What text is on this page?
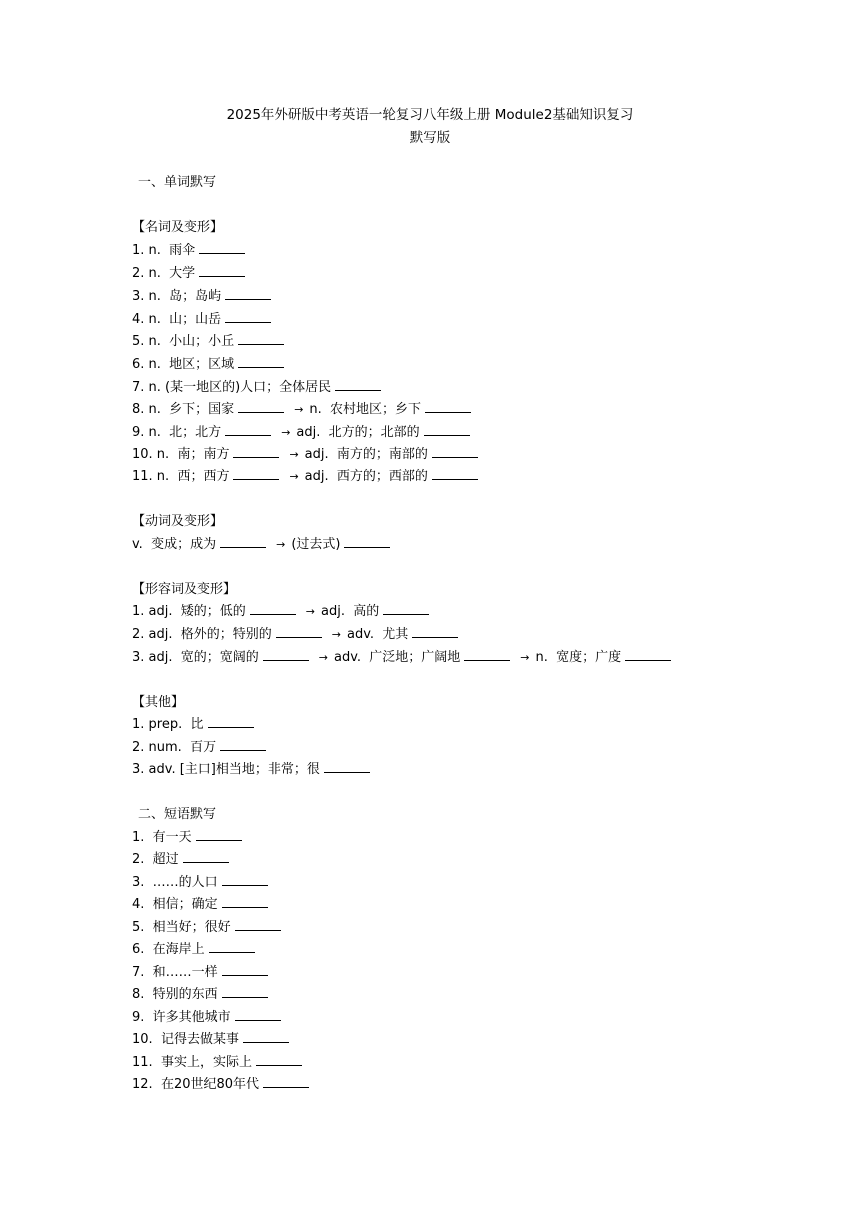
2025年外研版中考英语一轮复习八年级上册 Module2基础知识复习
默写版
一、单词默写
【名词及变形】
1. n.  雨伞
2. n.  大学
3. n.  岛；岛屿
4. n.  山；山岳
5. n.  小山；小丘
6. n.  地区；区域
7. n. (某一地区的)人口；全体居民
8. n.  乡下；国家	→ n.  农村地区；乡下
9. n.  北；北方	→ adj.  北方的；北部的
10. n.  南；南方	→ adj.  南方的；南部的
11. n.  西；西方	→ adj.  西方的；西部的
【动词及变形】
v.  变成；成为	→ (过去式)
【形容词及变形】
1. adj.  矮的；低的	→ adj.  高的
2. adj.  格外的；特别的	→ adv.  尤其
3. adj.  宽的；宽阔的	→ adv.  广泛地；广阔地	→ n.  宽度；广度
【其他】
1. prep.  比
2. num.  百万
3. adv. [主口]相当地；非常；很
二、短语默写
1.  有一天
2.  超过
3.  ……的人口
4.  相信；确定
5.  相当好；很好
6.  在海岸上
7.  和……一样
8.  特别的东西
9.  许多其他城市
10.  记得去做某事
11.  事实上，实际上
12.  在20世纪80年代
